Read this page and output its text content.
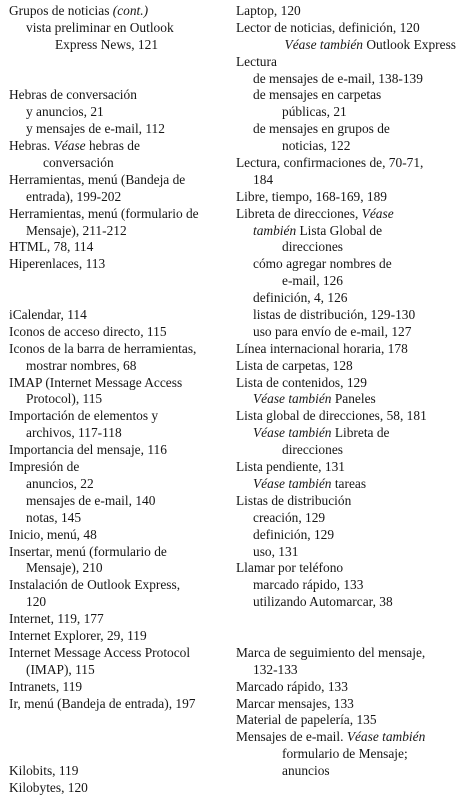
Grupos de noticias (cont.)
vista preliminar en Outlook
Express News, 121
Hebras de conversación
y anuncios, 21
y mensajes de e-mail, 112
Hebras. Véase hebras de
conversación
Herramientas, menú (Bandeja de
entrada), 199-202
Herramientas, menú (formulario de
Mensaje), 211-212
HTML, 78, 114
Hiperenlaces, 113
iCalendar, 114
Iconos de acceso directo, 115
Iconos de la barra de herramientas,
mostrar nombres, 68
IMAP (Internet Message Access
Protocol), 115
Importación de elementos y
archivos, 117-118
Importancia del mensaje, 116
Impresión de
anuncios, 22
mensajes de e-mail, 140
notas, 145
Inicio, menú, 48
Insertar, menú (formulario de
Mensaje), 210
Instalación de Outlook Express,
120
Internet, 119, 177
Internet Explorer, 29, 119
Internet Message Access Protocol
(IMAP), 115
Intranets, 119
Ir, menú (Bandeja de entrada), 197
Kilobits, 119
Kilobytes, 120
Laptop, 120
Lector de noticias, definición, 120
Véase también Outlook Express
Lectura
de mensajes de e-mail, 138-139
de mensajes en carpetas
públicas, 21
de mensajes en grupos de
noticias, 122
Lectura, confirmaciones de, 70-71,
184
Libre, tiempo, 168-169, 189
Libreta de direcciones, Véase
también Lista Global de
direcciones
cómo agregar nombres de
e-mail, 126
definición, 4, 126
listas de distribución, 129-130
uso para envío de e-mail, 127
Línea internacional horaria, 178
Lista de carpetas, 128
Lista de contenidos, 129
Véase también Paneles
Lista global de direcciones, 58, 181
Véase también Libreta de
direcciones
Lista pendiente, 131
Véase también tareas
Listas de distribución
creación, 129
definición, 129
uso, 131
Llamar por teléfono
marcado rápido, 133
utilizando Automarcar, 38
Marca de seguimiento del mensaje,
132-133
Marcado rápido, 133
Marcar mensajes, 133
Material de papelería, 135
Mensajes de e-mail. Véase también
formulario de Mensaje;
anuncios
